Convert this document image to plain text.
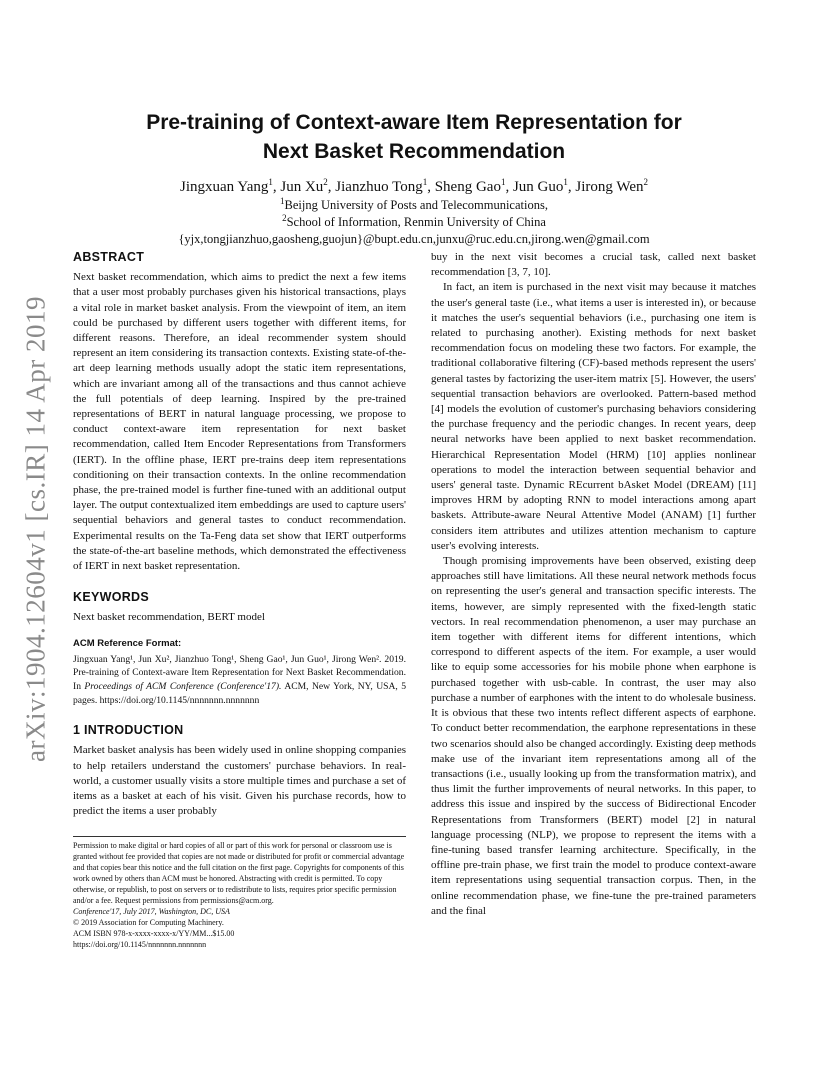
arXiv:1904.12604v1 [cs.IR] 14 Apr 2019
Pre-training of Context-aware Item Representation for
Next Basket Recommendation
Jingxuan Yang$^1$, Jun Xu$^2$, Jianzhuo Tong$^1$, Sheng Gao$^1$, Jun Guo$^1$, Jirong Wen$^2$
$^1$Beijng University of Posts and Telecommunications,
$^2$School of Information, Renmin University of China
{yjx,tongjianzhuo,gaosheng,guojun}@bupt.edu.cn,junxu@ruc.edu.cn,jirong.wen@gmail.com
ABSTRACT

Next basket recommendation, which aims to predict the next a few items that a user most probably purchases given his historical transactions, plays a vital role in market basket analysis. From the viewpoint of item, an item could be purchased by different users together with different items, for different reasons. Therefore, an ideal recommender system should represent an item considering its transaction contexts. Existing state-of-the-art deep learning methods usually adopt the static item representations, which are invariant among all of the transactions and thus cannot achieve the full potentials of deep learning. Inspired by the pre-trained representations of BERT in natural language processing, we propose to conduct context-aware item representation for next basket recommendation, called Item Encoder Representations from Transformers (IERT). In the offline phase, IERT pre-trains deep item representations conditioning on their transaction contexts. In the online recommendation phase, the pre-trained model is further fine-tuned with an additional output layer. The output contextualized item embeddings are used to capture users' sequential behaviors and general tastes to conduct recommendation. Experimental results on the Ta-Feng data set show that IERT outperforms the state-of-the-art baseline methods, which demonstrated the effectiveness of IERT in next basket representation.

KEYWORDS

Next basket recommendation, BERT model

ACM Reference Format:

Jingxuan Yang¹, Jun Xu², Jianzhuo Tong¹, Sheng Gao¹, Jun Guo¹, Jirong Wen². 2019. Pre-training of Context-aware Item Representation for Next Basket Recommendation. In Proceedings of ACM Conference (Conference'17). ACM, New York, NY, USA, 5 pages. https://doi.org/10.1145/nnnnnnn.nnnnnnn

1 INTRODUCTION

Market basket analysis has been widely used in online shopping companies to help retailers understand the customers' purchase behaviors. In real-world, a customer usually visits a store multiple times and purchase a set of items as a basket at each of his visit. Given his purchase records, how to predict the items a user probably

Permission to make digital or hard copies of all or part of this work for personal or classroom use is granted without fee provided that copies are not made or distributed for profit or commercial advantage and that copies bear this notice and the full citation on the first page. Copyrights for components of this work owned by others than ACM must be honored. Abstracting with credit is permitted. To copy otherwise, or republish, to post on servers or to redistribute to lists, requires prior specific permission and/or a fee. Request permissions from permissions@acm.org.

Conference'17, July 2017, Washington, DC, USA

© 2019 Association for Computing Machinery.

ACM ISBN 978-x-xxxx-xxxx-x/YY/MM...$15.00

https://doi.org/10.1145/nnnnnnn.nnnnnnn

buy in the next visit becomes a crucial task, called next basket recommendation [3, 7, 10].

In fact, an item is purchased in the next visit may because it matches the user's general taste (i.e., what items a user is interested in), or because it matches the user's sequential behaviors (i.e., purchasing one item is related to purchasing another). Existing methods for next basket recommendation focus on modeling these two factors. For example, the traditional collaborative filtering (CF)-based methods represent the users' general tastes by factorizing the user-item matrix [5]. However, the users' sequential transaction behaviors are overlooked. Pattern-based method [4] models the evolution of customer's purchasing behaviors considering the purchase frequency and the periodic changes. In recent years, deep neural networks have been applied to next basket recommendation. Hierarchical Representation Model (HRM) [10] applies nonlinear operations to model the interaction between sequential behavior and users' general taste. Dynamic REcurrent bAsket Model (DREAM) [11] improves HRM by adopting RNN to model interactions among apart baskets. Attribute-aware Neural Attentive Model (ANAM) [1] further considers item attributes and utilizes attention mechanism to capture user's evolving interests.

Though promising improvements have been observed, existing deep approaches still have limitations. All these neural network methods focus on representing the user's general and transaction specific interests. The items, however, are simply represented with the fixed-length static vectors. In real recommendation phenomenon, a user may purchase an item together with different items for different intentions, which correspond to different aspects of the item. For example, a user would like to equip some accessories for his mobile phone when earphone is purchased together with usb-cable. In contrast, the user may also purchase a number of earphones with the intent to do wholesale business. It is obvious that these two intents reflect different aspects of earphone. To conduct better recommendation, the earphone representations in these two scenarios should also be changed accordingly. Existing deep methods make use of the invariant item representations among all of the transactions (i.e., usually looking up from the transformation matrix), and thus limit the further improvements of neural networks. In this paper, to address this issue and inspired by the success of Bidirectional Encoder Representations from Transformers (BERT) model [2] in natural language processing (NLP), we propose to represent the items with a fine-tuning based transfer learning architecture. Specifically, in the offline pre-train phase, we first train the model to produce context-aware item representations using sequential transaction corpus. Then, in the online recommendation phase, we fine-tune the pre-trained parameters and the final
